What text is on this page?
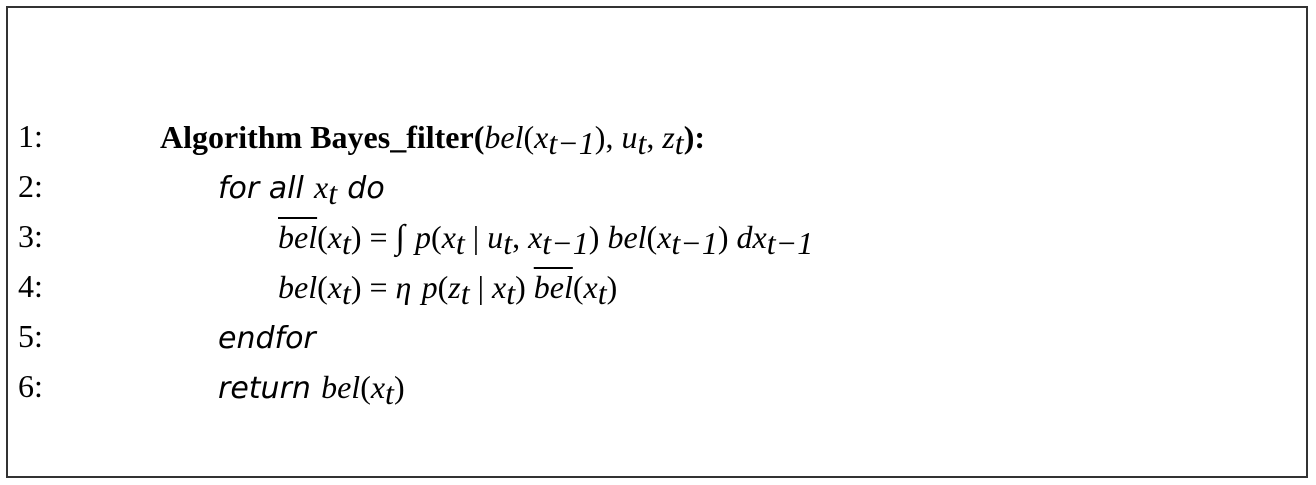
1:	Algorithm $Bayes\_filter(bel(x_{t-1})$, $u_t$, $z_t$):
2:	for all $x_t$ do
3:	$\overline{bel}(x_t)$ = ∫ $p(x_t$ | $u_t$, $x_{t-1}$) $bel(x_{t-1})$ $dx_{t-1}$
4:	$bel(x_t) = \eta$ $p(z_t$ | $x_t$) $\overline{bel}(x_t)$
5:	endfor
6:	return $bel(x_t)$
